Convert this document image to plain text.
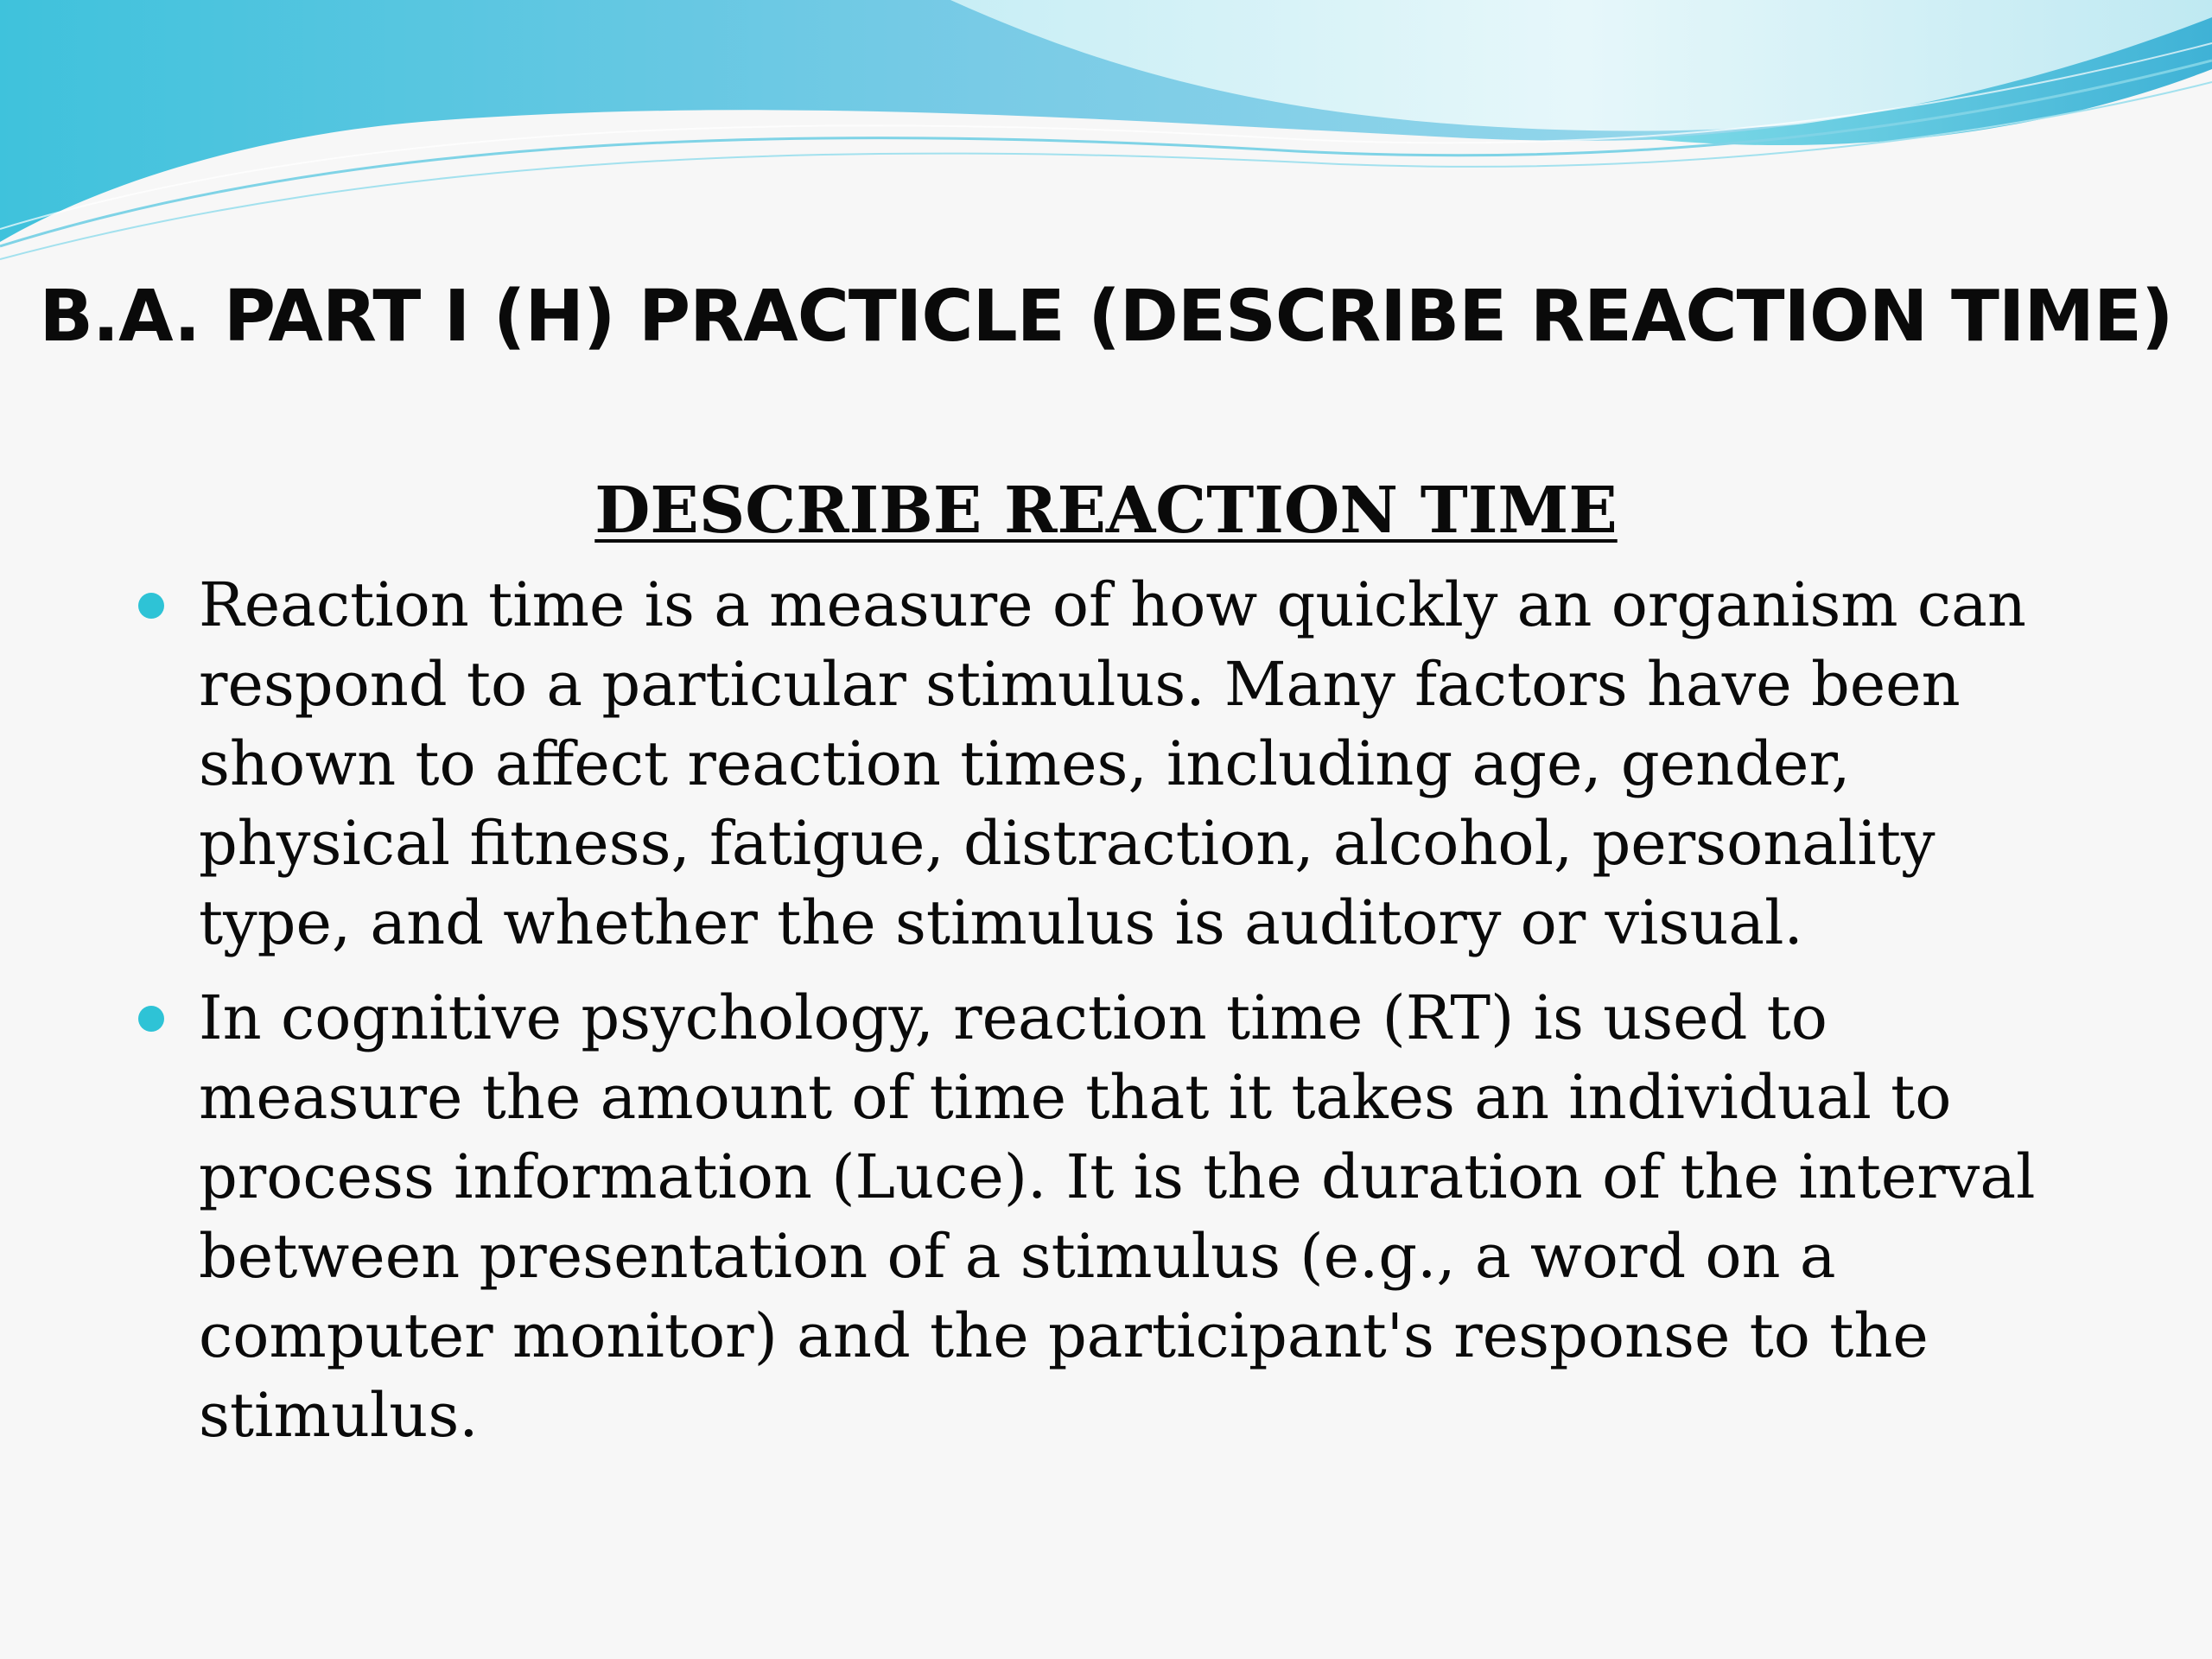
B.A. PART I (H) PRACTICLE (DESCRIBE REACTION TIME)
DESCRIBE REACTION TIME
Reaction time is a measure of how quickly an organism can respond to a particular stimulus. Many factors have been shown to affect reaction times, including age, gender, physical fitness, fatigue, distraction, alcohol, personality type, and whether the stimulus is auditory or visual.
In cognitive psychology, reaction time (RT) is used to measure the amount of time that it takes an individual to process information (Luce). It is the duration of the interval between presentation of a stimulus (e.g., a word on a computer monitor) and the participant's response to the stimulus.
